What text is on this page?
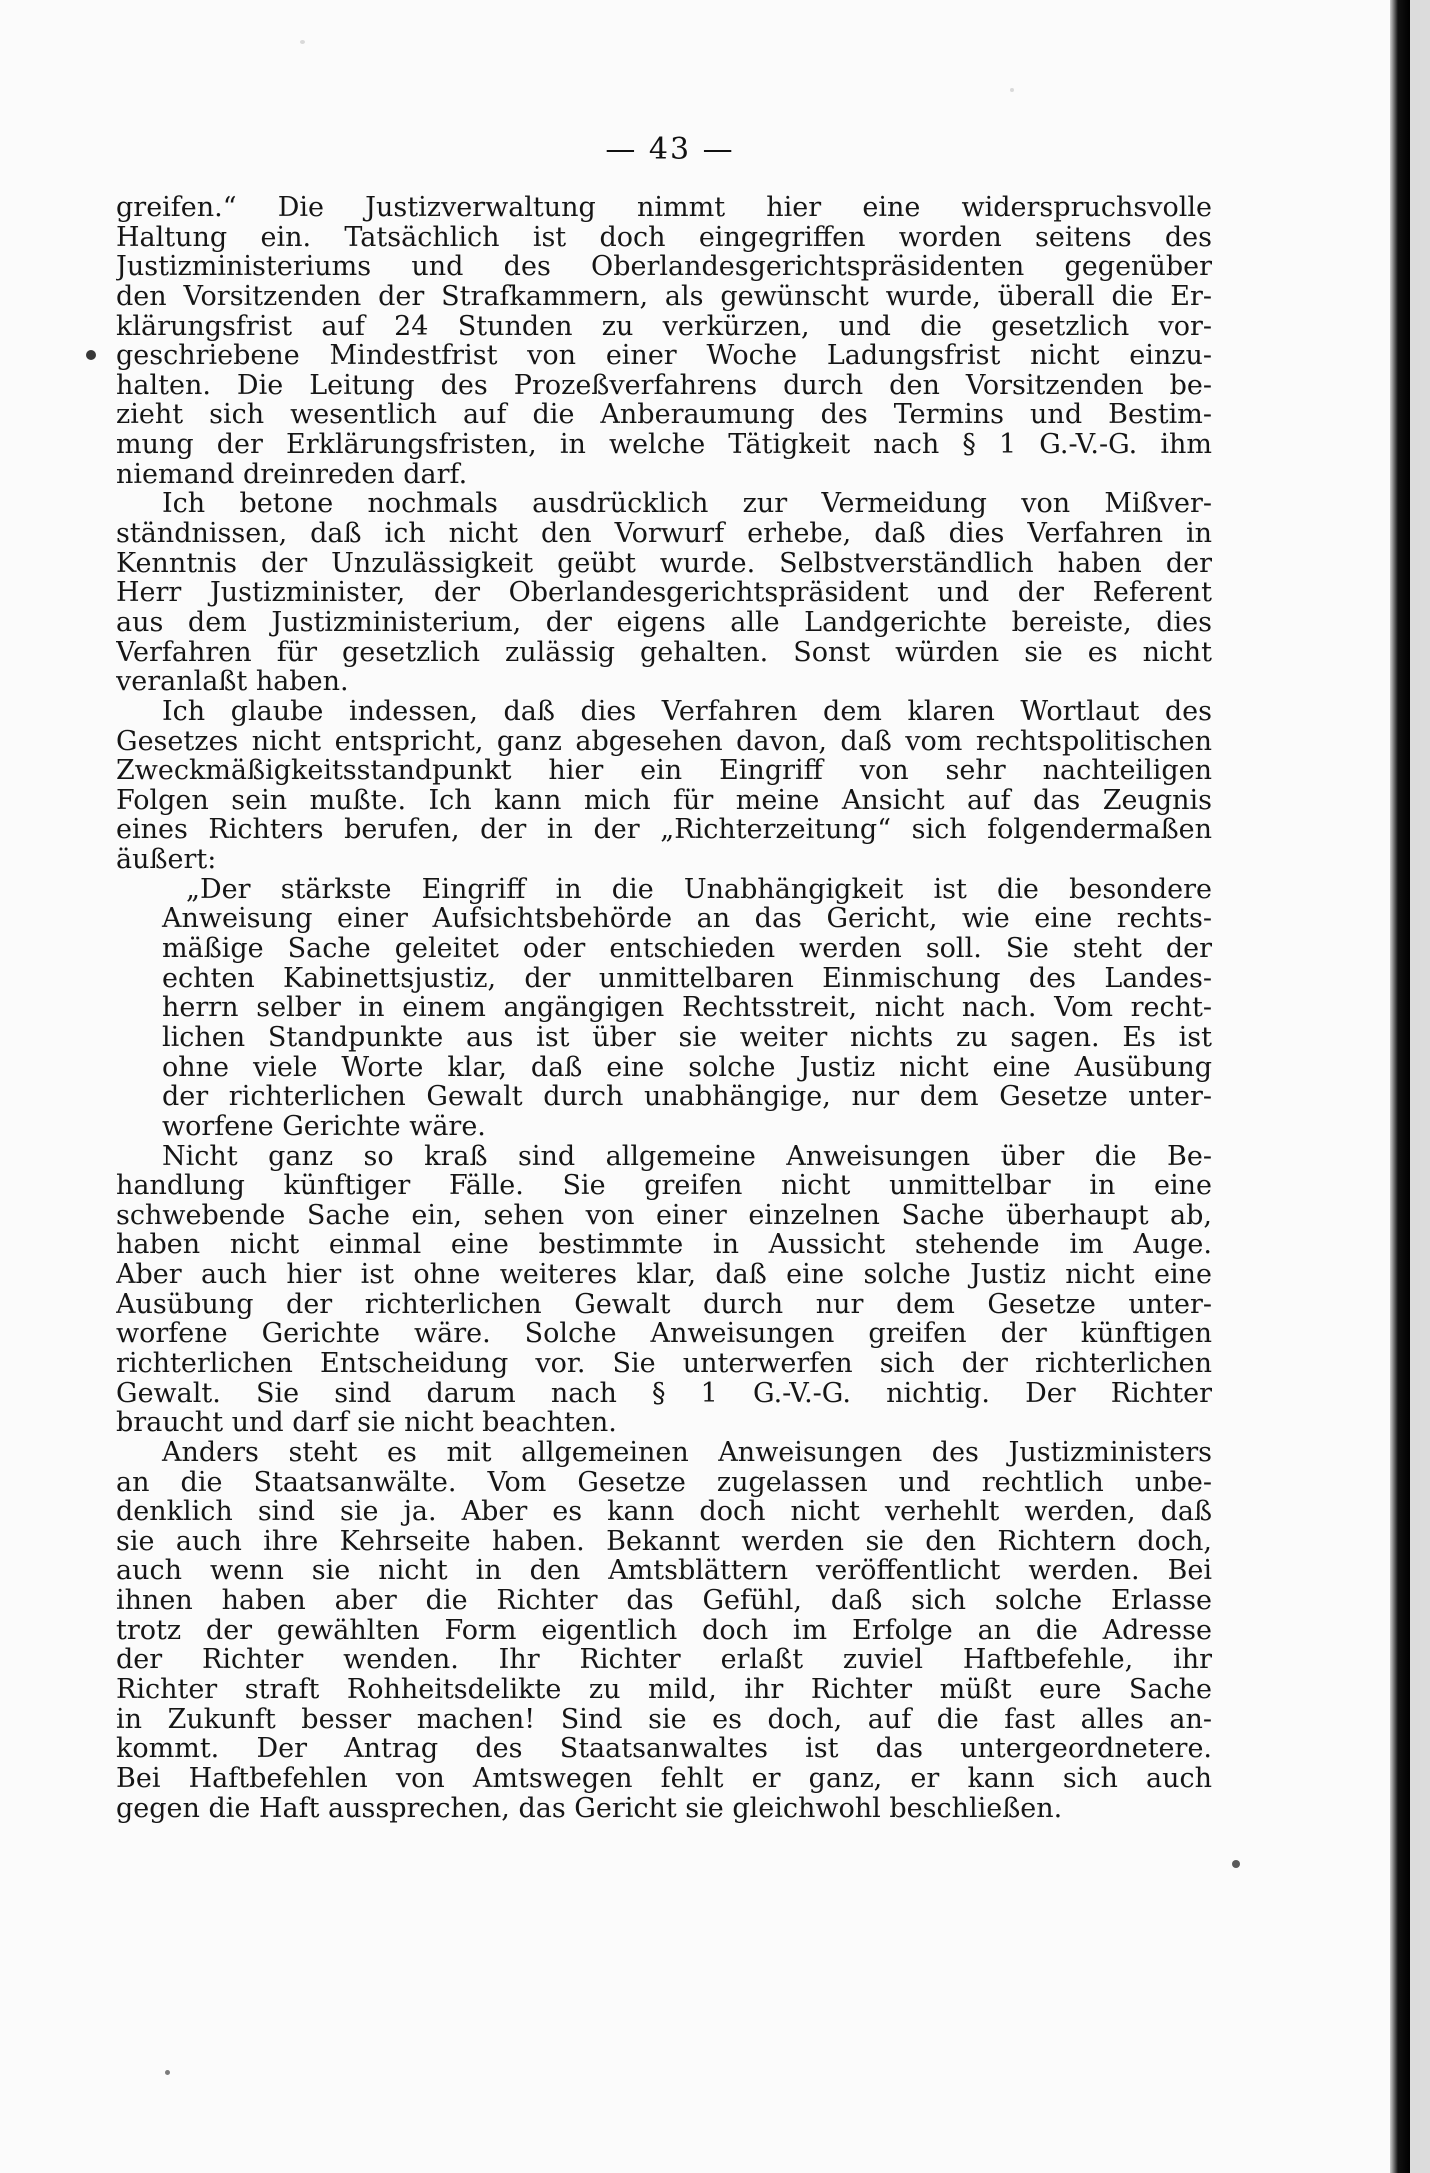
— 43 —
greifen.“ Die Justizverwaltung nimmt hier eine widerspruchsvolle
Haltung ein. Tatsächlich ist doch eingegriffen worden seitens des
Justizministeriums und des Oberlandesgerichtspräsidenten gegenüber
den Vorsitzenden der Strafkammern, als gewünscht wurde, überall die Er-
klärungsfrist auf 24 Stunden zu verkürzen, und die gesetzlich vor-
geschriebene Mindestfrist von einer Woche Ladungsfrist nicht einzu-
halten. Die Leitung des Prozeßverfahrens durch den Vorsitzenden be-
zieht sich wesentlich auf die Anberaumung des Termins und Bestim-
mung der Erklärungsfristen, in welche Tätigkeit nach § 1 G.-V.-G. ihm
niemand dreinreden darf.
Ich betone nochmals ausdrücklich zur Vermeidung von Mißver-
ständnissen, daß ich nicht den Vorwurf erhebe, daß dies Verfahren in
Kenntnis der Unzulässigkeit geübt wurde. Selbstverständlich haben der
Herr Justizminister, der Oberlandesgerichtspräsident und der Referent
aus dem Justizministerium, der eigens alle Landgerichte bereiste, dies
Verfahren für gesetzlich zulässig gehalten. Sonst würden sie es nicht
veranlaßt haben.
Ich glaube indessen, daß dies Verfahren dem klaren Wortlaut des
Gesetzes nicht entspricht, ganz abgesehen davon, daß vom rechtspolitischen
Zweckmäßigkeitsstandpunkt hier ein Eingriff von sehr nachteiligen
Folgen sein mußte. Ich kann mich für meine Ansicht auf das Zeugnis
eines Richters berufen, der in der „Richterzeitung“ sich folgendermaßen
äußert:
„Der stärkste Eingriff in die Unabhängigkeit ist die besondere
Anweisung einer Aufsichtsbehörde an das Gericht, wie eine rechts-
mäßige Sache geleitet oder entschieden werden soll. Sie steht der
echten Kabinettsjustiz, der unmittelbaren Einmischung des Landes-
herrn selber in einem angängigen Rechtsstreit, nicht nach. Vom recht-
lichen Standpunkte aus ist über sie weiter nichts zu sagen. Es ist
ohne viele Worte klar, daß eine solche Justiz nicht eine Ausübung
der richterlichen Gewalt durch unabhängige, nur dem Gesetze unter-
worfene Gerichte wäre.
Nicht ganz so kraß sind allgemeine Anweisungen über die Be-
handlung künftiger Fälle. Sie greifen nicht unmittelbar in eine
schwebende Sache ein, sehen von einer einzelnen Sache überhaupt ab,
haben nicht einmal eine bestimmte in Aussicht stehende im Auge.
Aber auch hier ist ohne weiteres klar, daß eine solche Justiz nicht eine
Ausübung der richterlichen Gewalt durch nur dem Gesetze unter-
worfene Gerichte wäre. Solche Anweisungen greifen der künftigen
richterlichen Entscheidung vor. Sie unterwerfen sich der richterlichen
Gewalt. Sie sind darum nach § 1 G.-V.-G. nichtig. Der Richter
braucht und darf sie nicht beachten.
Anders steht es mit allgemeinen Anweisungen des Justizministers
an die Staatsanwälte. Vom Gesetze zugelassen und rechtlich unbe-
denklich sind sie ja. Aber es kann doch nicht verhehlt werden, daß
sie auch ihre Kehrseite haben. Bekannt werden sie den Richtern doch,
auch wenn sie nicht in den Amtsblättern veröffentlicht werden. Bei
ihnen haben aber die Richter das Gefühl, daß sich solche Erlasse
trotz der gewählten Form eigentlich doch im Erfolge an die Adresse
der Richter wenden. Ihr Richter erlaßt zuviel Haftbefehle, ihr
Richter straft Rohheitsdelikte zu mild, ihr Richter müßt eure Sache
in Zukunft besser machen! Sind sie es doch, auf die fast alles an-
kommt. Der Antrag des Staatsanwaltes ist das untergeordnetere.
Bei Haftbefehlen von Amtswegen fehlt er ganz, er kann sich auch
gegen die Haft aussprechen, das Gericht sie gleichwohl beschließen.
